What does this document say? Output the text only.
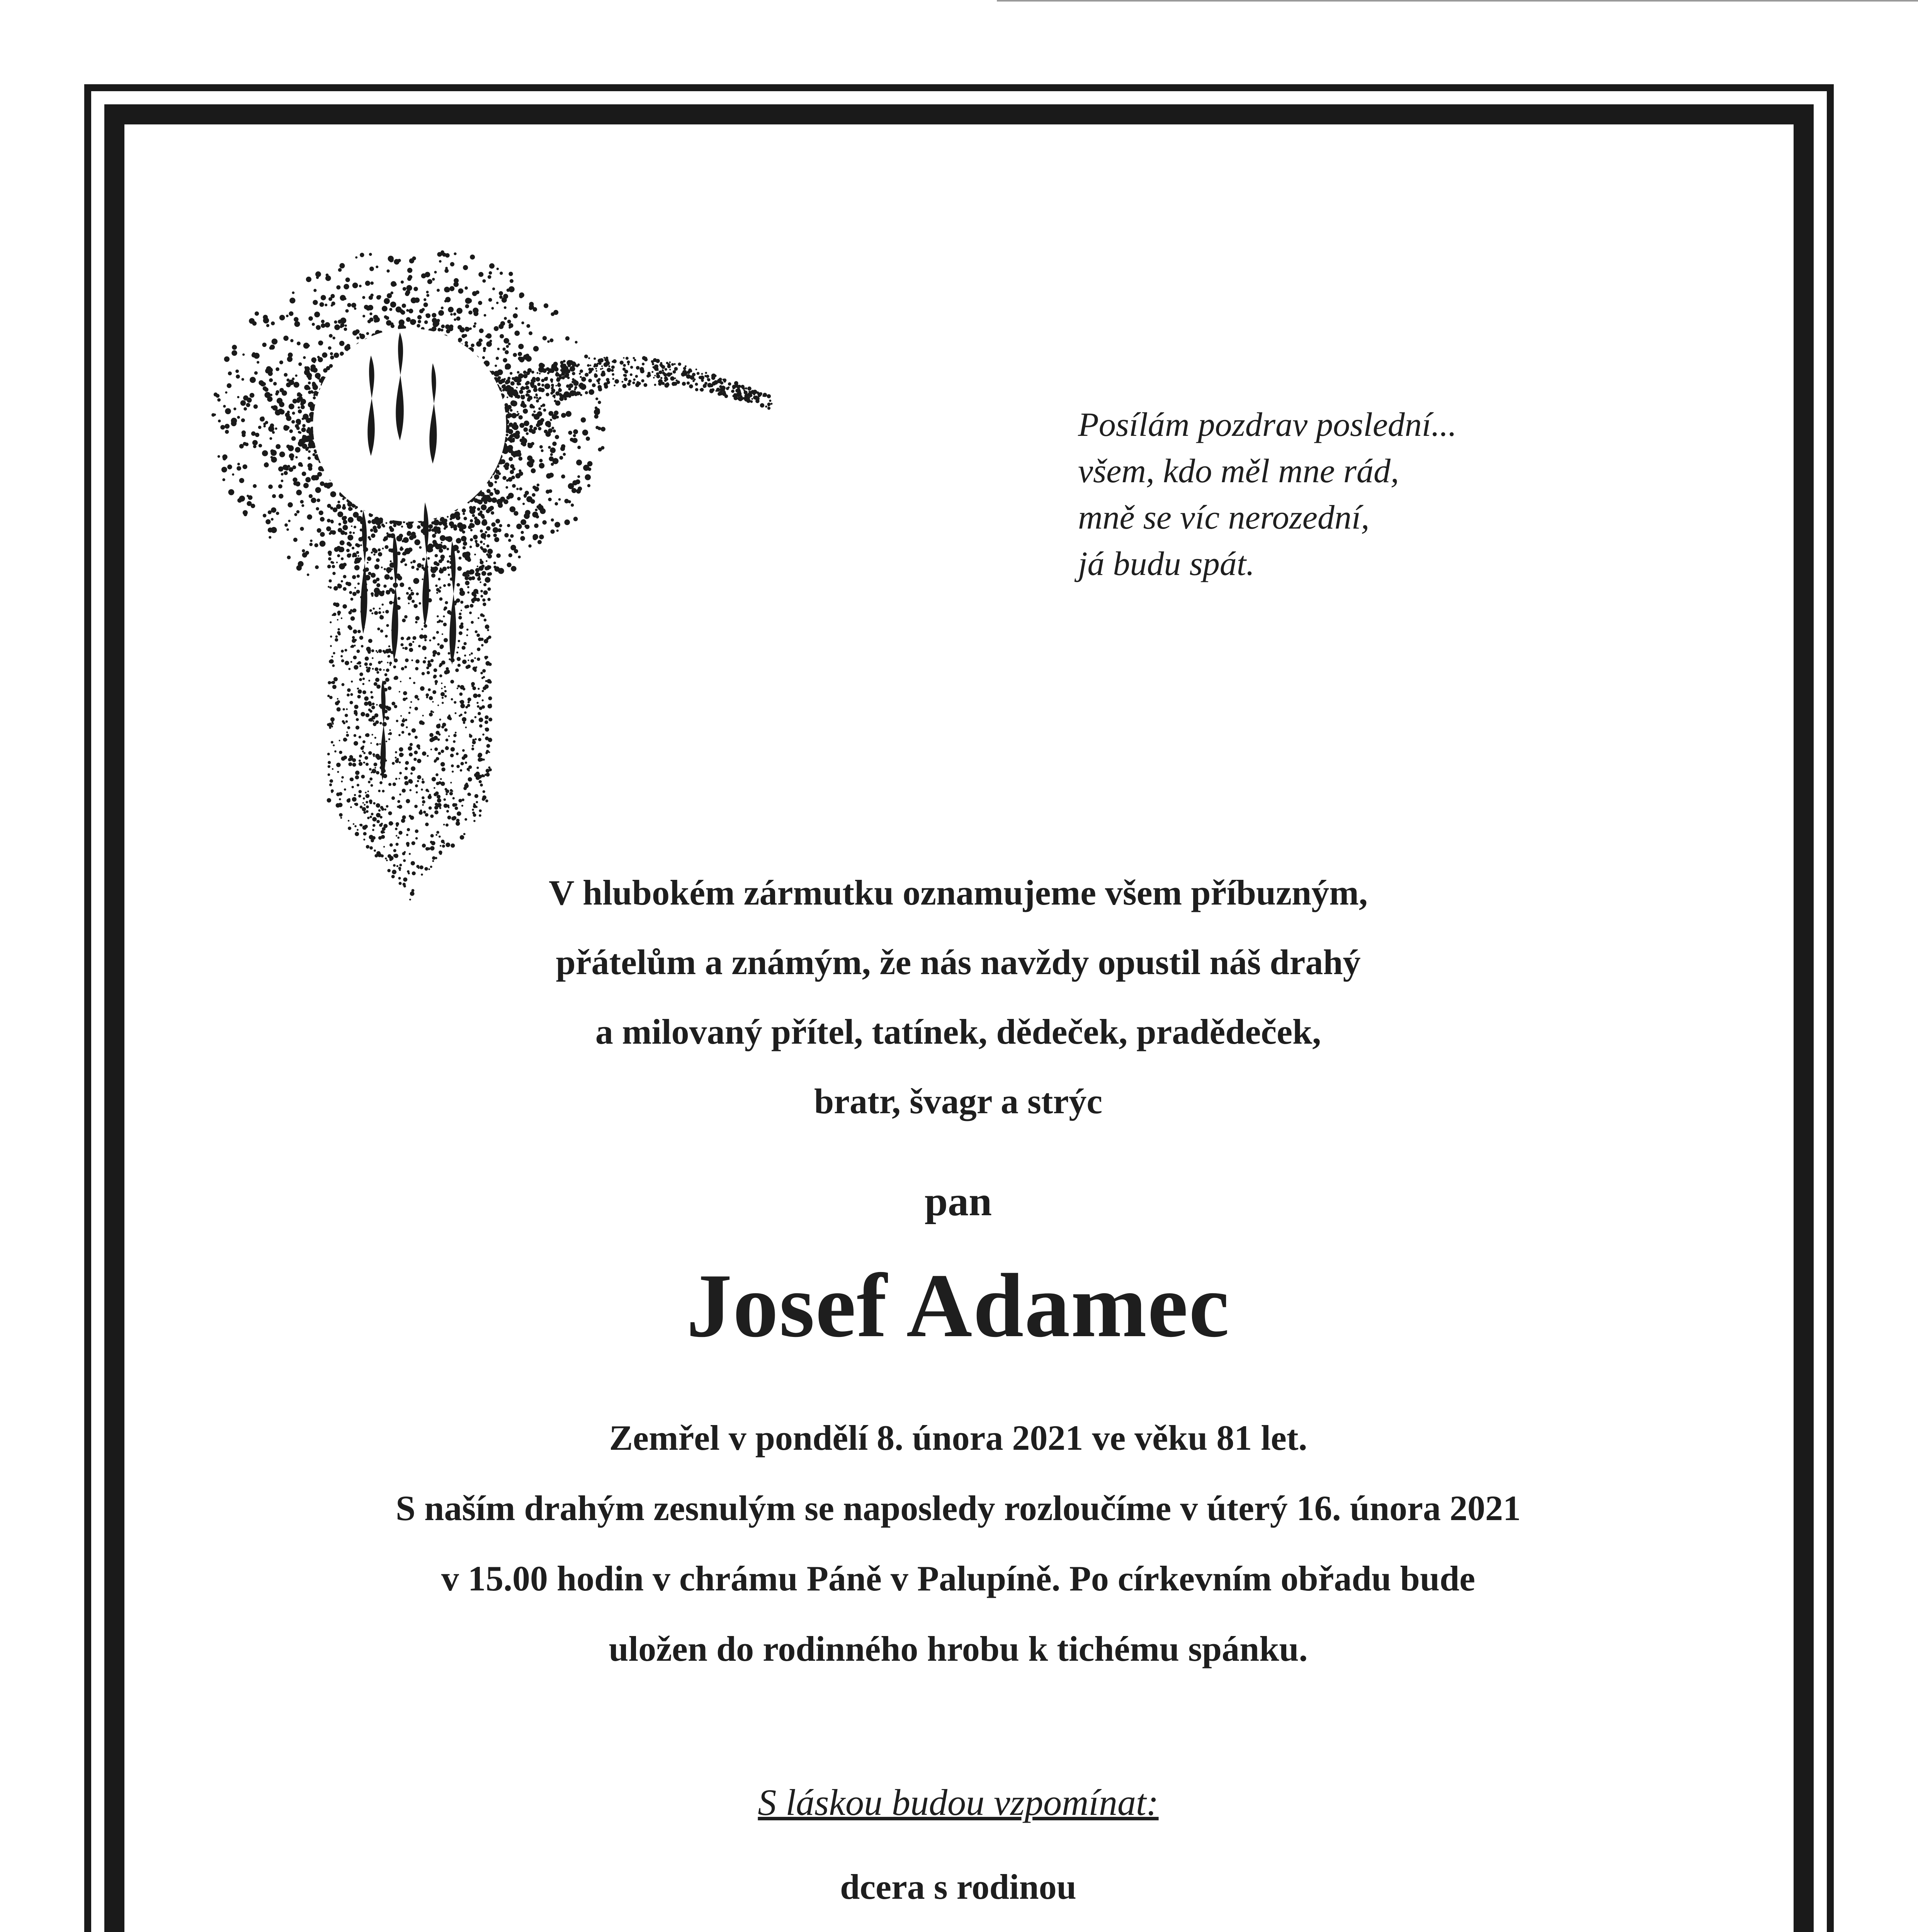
Posílám pozdrav poslední...
všem, kdo měl mne rád,
mně se víc nerozední,
já budu spát.
V hlubokém zármutku oznamujeme všem příbuzným,
přátelům a známým, že nás navždy opustil náš drahý
a milovaný přítel, tatínek, dědeček, pradědeček,
bratr, švagr a strýc
pan
Josef Adamec
Zemřel v pondělí 8. února 2021 ve věku 81 let.
S naším drahým zesnulým se naposledy rozloučíme v úterý 16. února 2021
v 15.00 hodin v chrámu Páně v Palupíně. Po církevním obřadu bude
uložen do rodinného hrobu k tichému spánku.
S láskou budou vzpomínat:
dcera s rodinou
